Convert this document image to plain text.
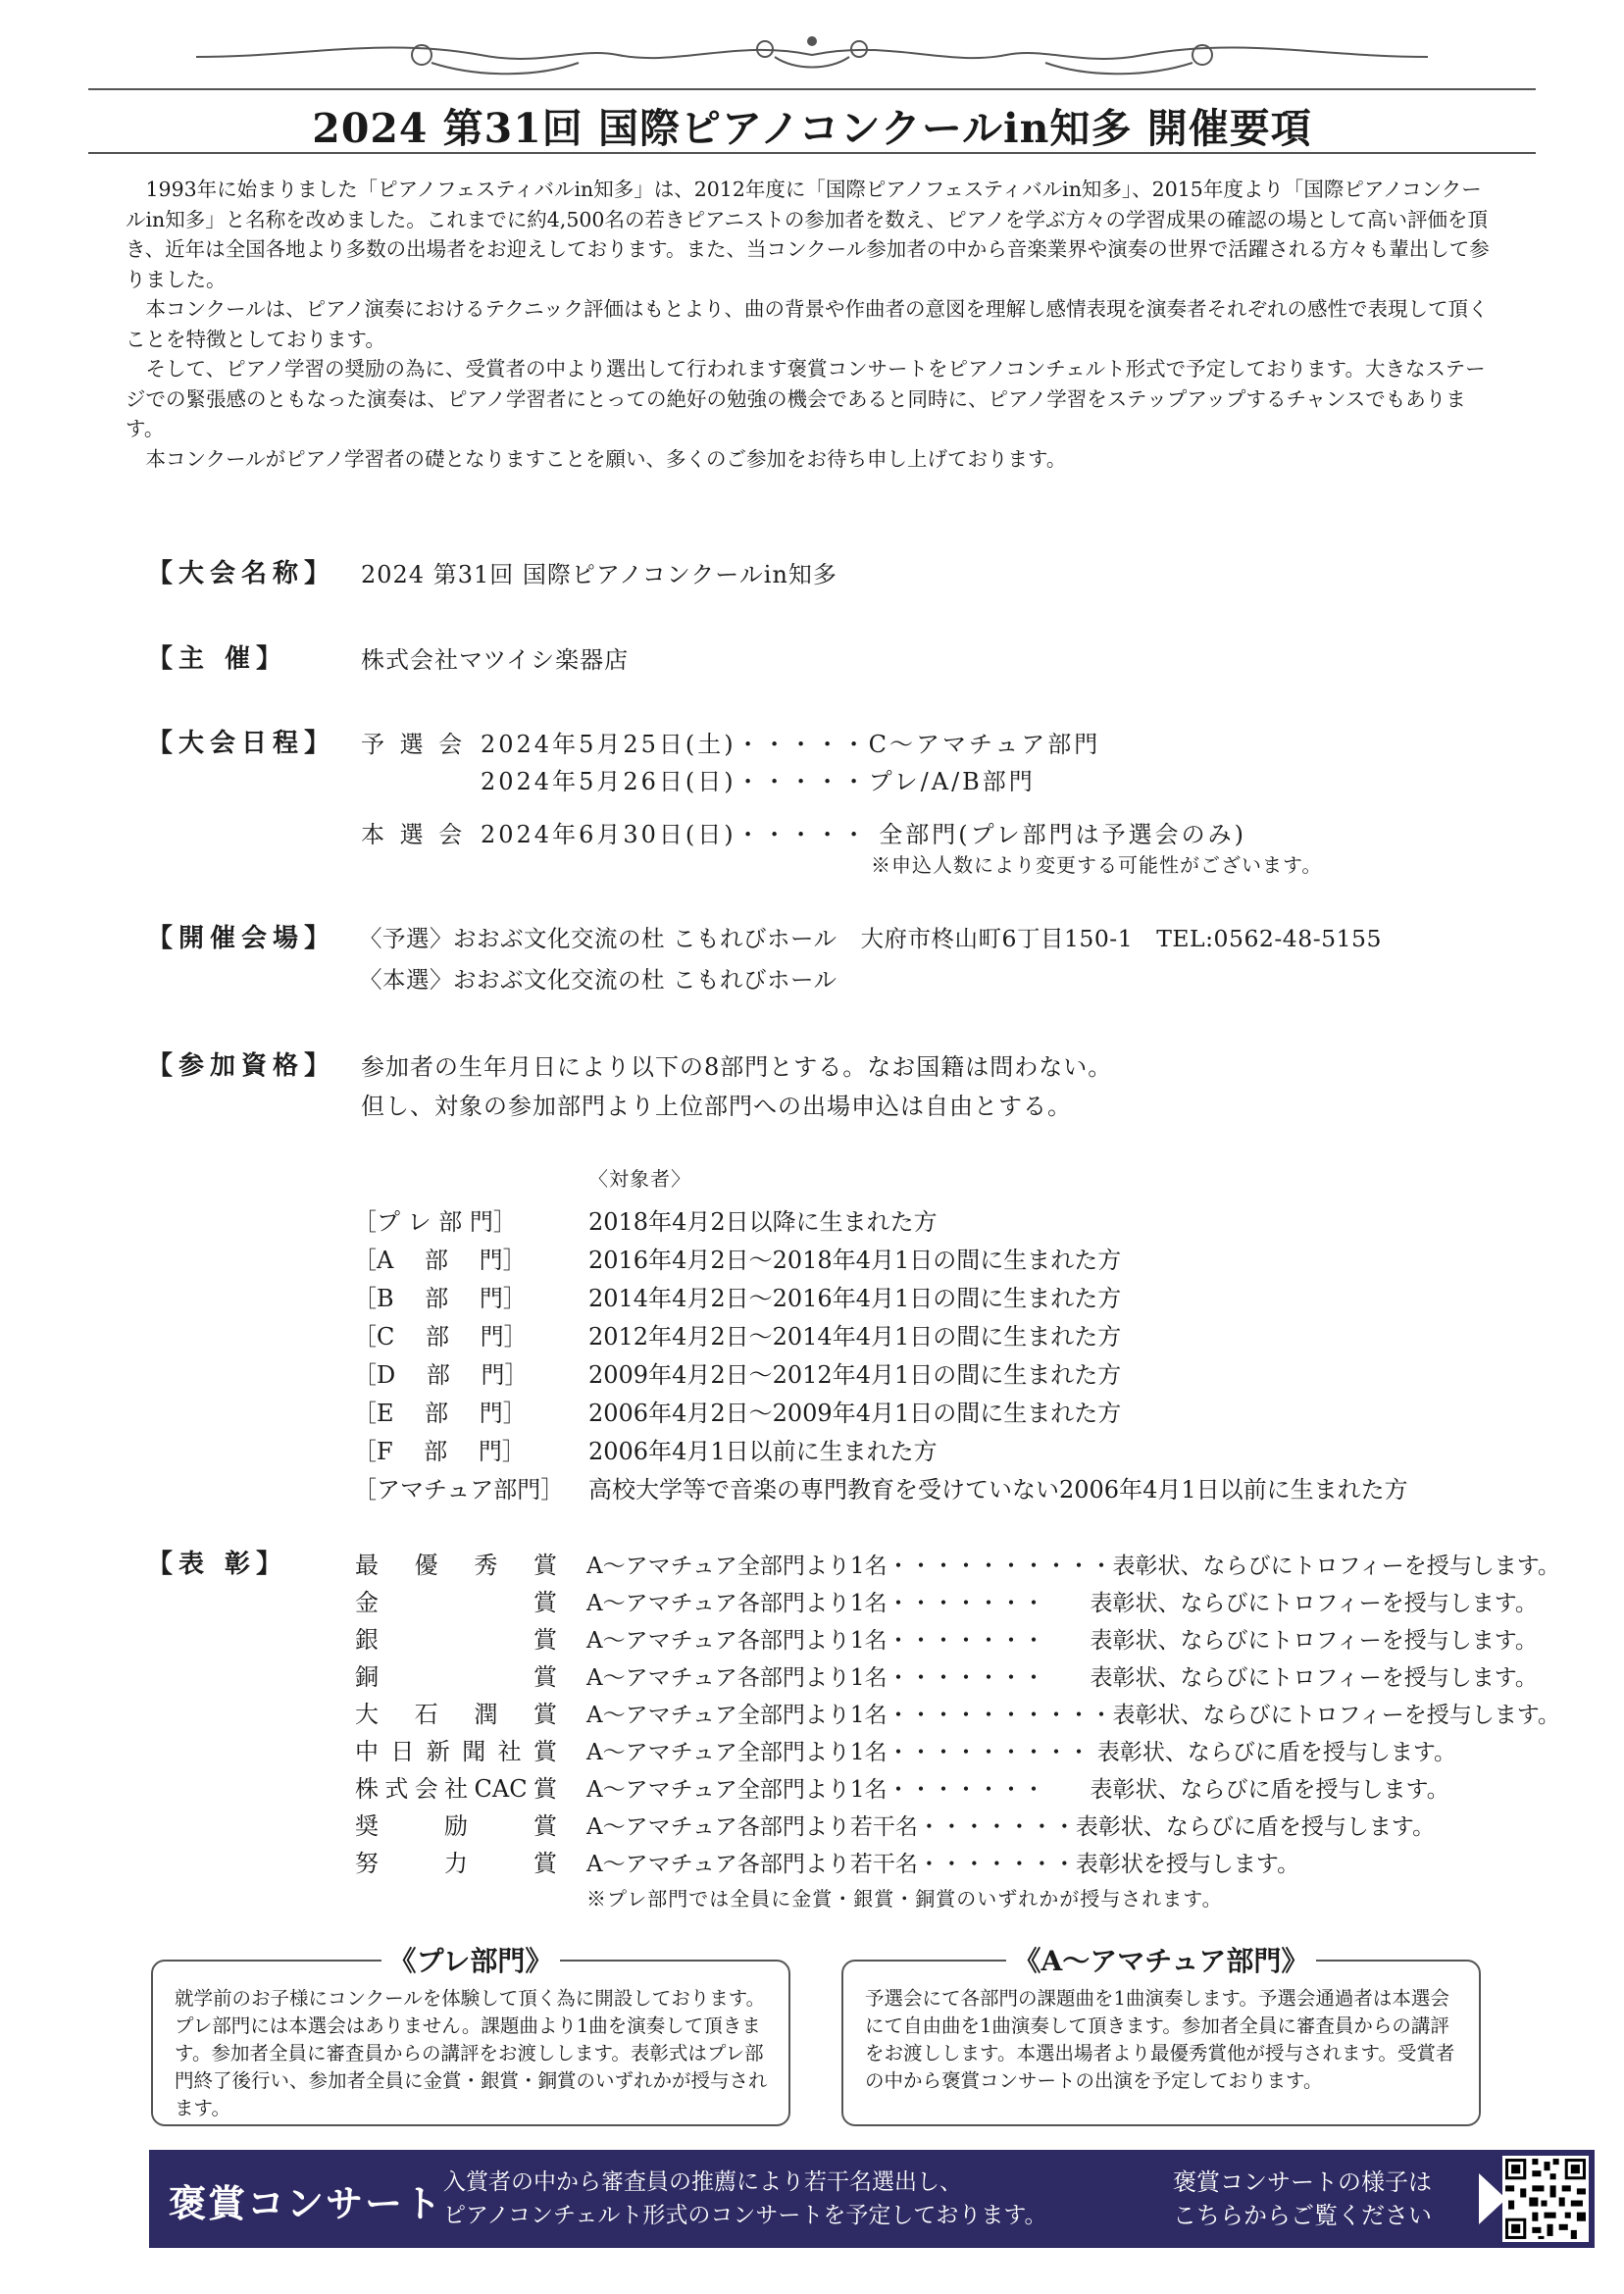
2024 第31回 国際ピアノコンクールin知多 開催要項

1993年に始まりました「ピアノフェスティバルin知多」は、2012年度に「国際ピアノフェスティバルin知多」、2015年度より「国際ピアノコンクールin知多」と名称を改めました。これまでに約4,500名の若きピアニストの参加者を数え、ピアノを学ぶ方々の学習成果の確認の場として高い評価を頂き、近年は全国各地より多数の出場者をお迎えしております。また、当コンクール参加者の中から音楽業界や演奏の世界で活躍される方々も輩出して参りました。

本コンクールは、ピアノ演奏におけるテクニック評価はもとより、曲の背景や作曲者の意図を理解し感情表現を演奏者それぞれの感性で表現して頂くことを特徴としております。

そして、ピアノ学習の奨励の為に、受賞者の中より選出して行われます褒賞コンサートをピアノコンチェルト形式で予定しております。大きなステージでの緊張感のともなった演奏は、ピアノ学習者にとっての絶好の勉強の機会であると同時に、ピアノ学習をステップアップするチャンスでもあります。

本コンクールがピアノ学習者の礎となりますことを願い、多くのご参加をお待ち申し上げております。

【大会名称】 2024 第31回 国際ピアノコンクールin知多
【主 催】	株式会社マツイシ楽器店
【大会日程】 予 選 会 2024年5月25日(土)・・・・・C～アマチュア部門
2024年5月26日(日)・・・・・プレ/A/B部門
本 選 会 2024年6月30日(日)・・・・・ 全部門(プレ部門は予選会のみ)
※申込人数により変更する可能性がございます。
【開催会場】 〈予選〉おおぶ文化交流の杜 こもれびホール　大府市柊山町6丁目150-1　TEL:0562-48-5155
〈本選〉おおぶ文化交流の杜 こもれびホール
【参加資格】 参加者の生年月日により以下の8部門とする。なお国籍は問わない。
但し、対象の参加部門より上位部門への出場申込は自由とする。
〈対象者〉
［プ レ 部 門］	2018年4月2日以降に生まれた方
［A 　部　 門］	2016年4月2日～2018年4月1日の間に生まれた方
［B 　部　 門］	2014年4月2日～2016年4月1日の間に生まれた方
［C 　部　 門］	2012年4月2日～2014年4月1日の間に生まれた方
［D 　部　 門］	2009年4月2日～2012年4月1日の間に生まれた方
［E 　部　 門］	2006年4月2日～2009年4月1日の間に生まれた方
［F 　部　 門］	2006年4月1日以前に生まれた方
［アマチュア部門］ 高校大学等で音楽の専門教育を受けていない2006年4月1日以前に生まれた方
【表 彰】	最優秀賞 A～アマチュア全部門より1名・・・・・・・・・・表彰状、ならびにトロフィーを授与します。
金賞 A～アマチュア各部門より1名・・・・・・・　　表彰状、ならびにトロフィーを授与します。
銀賞 A～アマチュア各部門より1名・・・・・・・　　表彰状、ならびにトロフィーを授与します。
銅賞 A～アマチュア各部門より1名・・・・・・・　　表彰状、ならびにトロフィーを授与します。
大石潤賞 A～アマチュア全部門より1名・・・・・・・・・・表彰状、ならびにトロフィーを授与します。
中日新聞社賞 A～アマチュア全部門より1名・・・・・・・・・ 表彰状、ならびに盾を授与します。
株式会社CAC賞 A～アマチュア全部門より1名・・・・・・・　　表彰状、ならびに盾を授与します。
奨励賞 A～アマチュア各部門より若干名・・・・・・・表彰状、ならびに盾を授与します。
努力賞 A～アマチュア各部門より若干名・・・・・・・表彰状を授与します。
※プレ部門では全員に金賞・銀賞・銅賞のいずれかが授与されます。
《プレ部門》
就学前のお子様にコンクールを体験して頂く為に開設しております。プレ部門には本選会はありません。課題曲より1曲を演奏して頂きます。参加者全員に審査員からの講評をお渡しします。表彰式はプレ部門終了後行い、参加者全員に金賞・銀賞・銅賞のいずれかが授与されます。
《A～アマチュア部門》
予選会にて各部門の課題曲を1曲演奏します。予選会通過者は本選会にて自由曲を1曲演奏して頂きます。参加者全員に審査員からの講評をお渡しします。本選出場者より最優秀賞他が授与されます。受賞者の中から褒賞コンサートの出演を予定しております。
褒賞コンサート 入賞者の中から審査員の推薦により若干名選出し、
ピアノコンチェルト形式のコンサートを予定しております。
褒賞コンサートの様子は
こちらからご覧ください
